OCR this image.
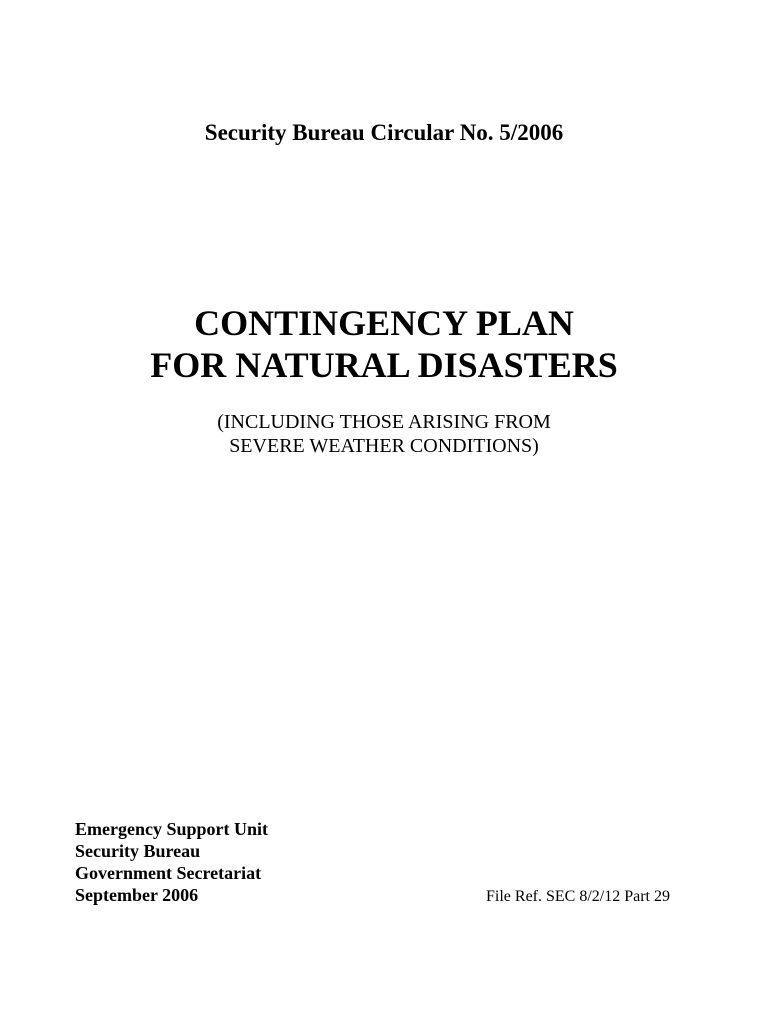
Security Bureau Circular No. 5/2006
CONTINGENCY PLAN
FOR NATURAL DISASTERS
(INCLUDING THOSE ARISING FROM
SEVERE WEATHER CONDITIONS)
Emergency Support Unit
Security Bureau
Government Secretariat
September 2006	File Ref. SEC 8/2/12 Part 29
